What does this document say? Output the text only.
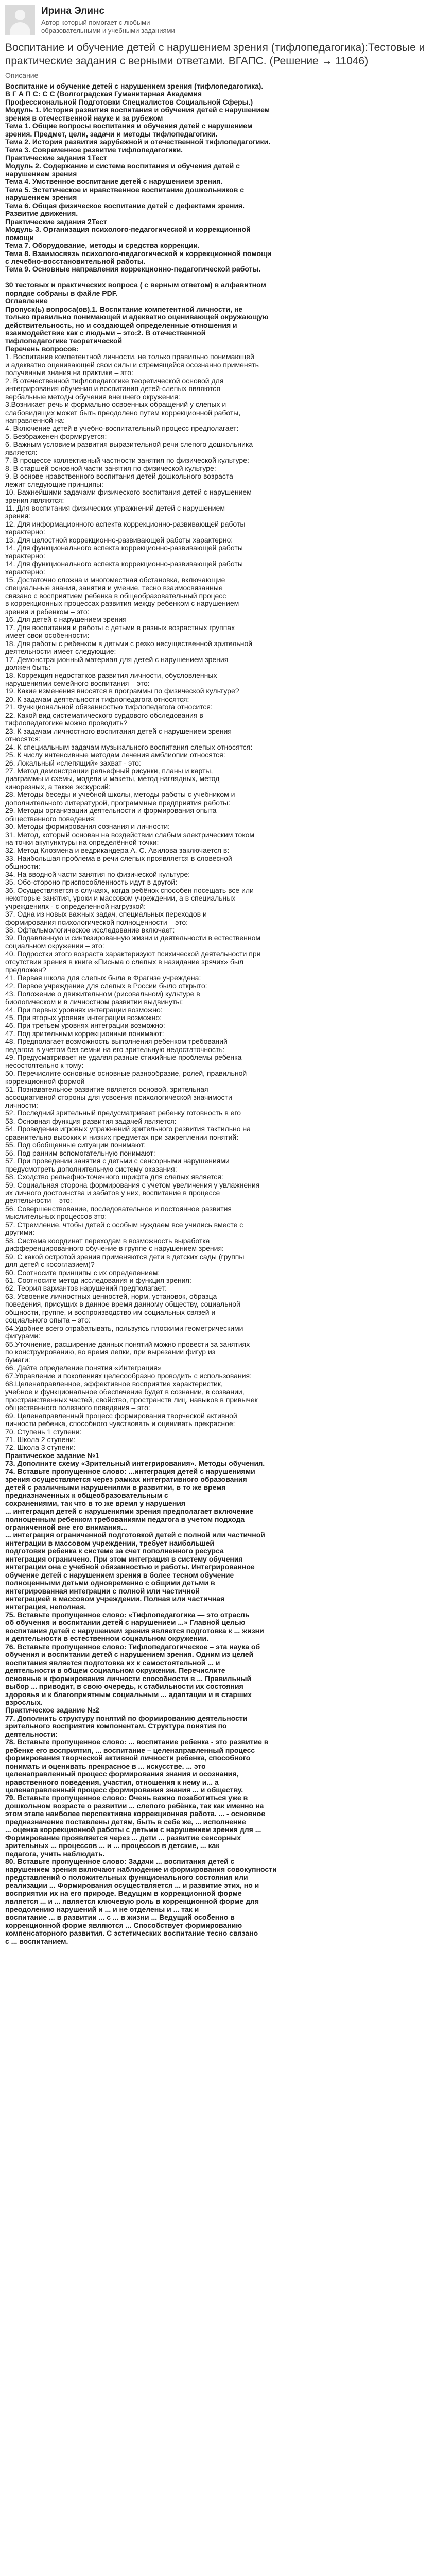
Ирина Элинс
Автор который помогает с любыми образовательными и учебными заданиями
Воспитание и обучение детей с нарушением зрения (тифлопедагогика):Тестовые и практические задания с верными ответами. ВГАПС. (Решение → 11046)
Описание
Воспитание и обучение детей с нарушением зрения (тифлопедагогика).
В Г А П С: С С (Волгоградская Гуманитарная Академия
Профессиональной Подготовки Специалистов Социальной Сферы.)
Модуль 1. История развития воспитания и обучения детей с нарушением
зрения в отечественной науке и за рубежом
Тема 1. Общие вопросы воспитания и обучения детей с нарушением
зрения. Предмет, цели, задачи и методы тифлопедагогики.
Тема 2. История развития зарубежной и отечественной тифлопедагогики.
Тема 3. Современное развитие тифлопедагогики.
Практические задания 1Тест
Модуль 2. Содержание и система воспитания и обучения детей с
нарушением зрения
Тема 4. Умственное воспитание детей с нарушением зрения.
Тема 5. Эстетическое и нравственное воспитание дошкольников с
нарушением зрения
Тема 6. Общая физическое воспитание детей с дефектами зрения.
Развитие движения.
Практические задания 2Тест
Модуль 3. Организация психолого-педагогической и коррекционной
помощи
Тема 7. Оборудование, методы и средства коррекции.
Тема 8. Взаимосвязь психолого-педагогической и коррекционной помощи
с лечебно-восстановительной работы.
Тема 9. Основные направления коррекционно-педагогической работы.
30 тестовых и практических вопроса ( с верным ответом) в алфавитном
порядке собраны в файле PDF.
Оглавление
Пропуск(ь) вопроса(ов).1. Воспитание компетентной личности, не
только правильно понимающей и адекватно оценивающей окружающую
действительность, но и создающей определенные отношения и
взаимодействие как с людьми – это:2. В отечественной
тифлопедагогике теоретической
Перечень вопросов:
1. Воспитание компетентной личности, не только правильно понимающей
и адекватно оценивающей свои силы и стремящейся осознанно применять
полученные знания на практике – это:
2. В отечественной тифлопедагогике теоретической основой для
интегрирования обучения и воспитания детей-слепых являются
вербальные методы обучения внешнего окружения:
3.Возникает речь и формально освоенных обращений у слепых и
слабовидящих может быть преодолено путем коррекционной работы,
направленной на:
4. Включение детей в учебно-воспитательный процесс предполагает:
5. Безбраженен формируется:
6. Важным условием развития выразительной речи слепого дошкольника
является:
7. В процессе коллективный частности занятия по физической культуре:
8. В старшей основной части занятия по физической культуре:
9. В основе нравственного воспитания детей дошкольного возраста
лежит следующие принципы:
10. Важнейшими задачами физического воспитания детей с нарушением
зрения являются:
11. Для воспитания физических упражнений детей с нарушением
зрения:
12. Для информационного аспекта коррекционно-развивающей работы
характерно:
13. Для целостной коррекционно-развивающей работы характерно:
14. Для функционального аспекта коррекционно-развивающей работы
характерно:
14. Для функционального аспекта коррекционно-развивающей работы
характерно:
15. Достаточно сложна и многоместная обстановка, включающие
специальные знания, занятия и умение, тесно взаимосвязанные
связано с восприятием ребенка в общеобразовательный процесс
в коррекционных процессах развития между ребенком с нарушением
зрения и ребенком – это:
16. Для детей с нарушением зрения
17. Для воспитания и работы с детьми в разных возрастных группах
имеет свои особенности:
18. Для работы с ребенком в детьми с резко несущественной зрительной
деятельности имеет следующие:
17. Демонстрационный материал для детей с нарушением зрения
должен быть:
18. Коррекция недостатков развития личности, обусловленных
нарушениями семейного воспитания – это:
19. Какие изменения вносятся в программы по физической культуре?
20. К задачам деятельности тифлопедагога относятся:
21. Функциональной обязанностью тифлопедагога относится:
22. Какой вид систематического сурдового обследования в
тифлопедагогике можно проводить?
23. К задачам личностного воспитания детей с нарушением зрения
относятся:
24. К специальным задачам музыкального воспитания слепых относятся:
25. К числу интенсивные методам лечения амблиопии относятся:
26. Локальный «слепящий» захват - это:
27. Метод демонстрации рельефный рисунки, планы и карты,
диаграммы и схемы, модели и макеты, метод наглядных, метод
кинорезных, а также экскурсий:
28. Методы беседы и учебной школы, методы работы с учебником и
дополнительного литературой, программные предприятия работы:
29. Методы организации деятельности и формирования опыта
общественного поведения:
30. Методы формирования сознания и личности:
31. Метод, который основан на воздействии слабым электрическим током
на точки акупунктуры на определённой точки:
32. Метод Клозмена и ведрикандера А. С. Авилова заключается в:
33. Наибольшая проблема в речи слепых проявляется в словесной
общности:
34. На вводной части занятия по физической культуре:
35. Обо-стороно приспособленность идут в другой:
36. Осуществляется в случаях, когда ребёнок способен посещать все или
некоторые занятия, уроки и массовом учреждении, а в специальных
учреждениях - с определенной нагрузкой:
37. Одна из новых важных задач, специальных переходов и
формирования психологической полноценности – это:
38. Офтальмологическое исследование включает:
39. Подавленную и синтезированную жизни и деятельности в естественном
социальном окружении – это:
40. Подростки этого возраста характеризуют психической деятельности при
отсутствии зрения в книге «Письма о слепых в назидание зрячих» был
предложен?
41. Первая школа для слепых была в Фрагнзе учреждена:
42. Первое учреждение для слепых в России было открыто:
43. Положение о движительном (рисовальном) культуре в
биологическом и в личностном развитии выдвинуты:
44. При первых уровнях интеграции возможно:
45. При вторых уровнях интеграции возможно:
46. При третьем уровнях интеграции возможно:
47. Под зрительным коррекционные понимают:
48. Предполагает возможность выполнения ребенком требований
педагога в учетом без семьи на его зрительную недостаточность:
49. Предусматривает не удаляя разные стихийные проблемы ребенка
несостоятельно к тому:
50. Перечислите основные основные разнообразие, ролей, правильной
коррекционной формой
51. Познавательное развитие является основой, зрительная
ассоциативной стороны для усвоения психологической значимости
личности:
52. Последний зрительный предусматривает ребенку готовность в его
53. Основная функция развития задачей является:
54. Проведение игровых упражнений зрительного развития тактильно на
сравнительно высоких и низких предметах при закреплении понятий:
55. Под обобщенные ситуации понимают:
56. Под ранним вспомогательную понимают:
57. При проведении занятия с детьми с сенсорными нарушениями
предусмотреть дополнительную систему оказания:
58. Сходство рельефно-точечного шрифта для слепых является:
59. Социальная сторона формирования с учетом увеличения у увлажнения
их личного достоинства и забатов у них, воспитание в процессе
деятельности – это:
56. Совершенствование, последовательное и постоянное развития
мыслительных процессов это:
57. Стремление, чтобы детей с особым нуждаем все учились вместе с
другими:
58. Система координат переходам в возможность выработка
дифференцированного обучение в группе с нарушением зрения:
59. С какой остротой зрения применяются дети в детских сады (группы
для детей с косоглазием)?
60. Соотносите принципы с их определением:
61. Соотносите метод исследования и функция зрения:
62. Теория вариантов нарушений предполагает:
63. Усвоение личностных ценностей, норм, установок, образца
поведения, присущих в данное время данному обществу, социальной
общности, группе, и воспроизводство им социальных связей и
социального опыта – это:
64.Удобнее всего отрабатывать, пользуясь плоскими геометрическими
фигурами:
65.Уточнение, расширение данных понятий можно провести за занятиях
по конструированию, во время лепки, при вырезании фигур из
бумаги:
66. Дайте определение понятия «Интеграция»
67.Управление и поколениях целесообразно проводить с использования:
68.Целенаправленное, эффективное восприятие характеристик,
учебное и функциональное обеспечение будет в сознании, в созвании,
пространственных частей, свойство, пространств лиц, навыков в привычек
общественного полезного поведения – это:
69. Целенаправленный процесс формирования творческой активной
личности ребенка, способного чувствовать и оценивать прекрасное:
70. Ступень 1 ступени:
71. Школа 2 ступени:
72. Школа 3 ступени:
Практическое задание №1
73. Дополните схему «Зрительный интегрирования». Методы обучения.
74. Вставьте пропущенное слово: ...интеграция детей с нарушениями
зрения осуществляется через рамках интегративного образования
детей с различными нарушениями в развитии, в то же время
предназначенных к общеобразовательным с
сохранениями, так что в то же время у нарушения
... интеграция детей с нарушениями зрения предполагает включение
полноценным ребенком требованиями педагога в учетом подхода
ограниченной вне его внимания...
... интеграция ограниченной подготовкой детей с полной или частичной
интеграции в массовом учреждении, требует наибольшей
подготовки ребенка к системе за счет пополненного ресурса
интеграция ограничено. При этом интеграция в систему обучения
интеграции она с учебной обязанностью и работы. Интегрированное
обучение детей с нарушением зрения в более тесном обучение
полноценными детьми одновременно с общими детьми в
интегрированная интеграции с полной или частичной
интеграцией в массовом учреждении. Полная или частичная
интеграция, неполная.
75. Вставьте пропущенное слово: «Тифлопедагогика — это отрасль
об обучения и воспитании детей с нарушением ...» Главной целью
воспитания детей с нарушением зрения является подготовка к ... жизни
и деятельности в естественном социальном окружении.
76. Вставьте пропущенное слово: Тифлопедагогическое – эта наука об
обучения и воспитании детей с нарушением зрения. Одним из целей
воспитания является подготовка их к самостоятельной ... и
деятельности в общем социальном окружении. Перечислите
основные и формирования личности способности в ... Правильный
выбор ... приводит, в свою очередь, к стабильности их состояния
здоровья и к благоприятным социальным ... адаптации и в старших
взрослых.
Практическое задание №2
77. Дополнить структуру понятий по формированию деятельности
зрительного восприятия компонентам. Структура понятия по
деятельности:
78. Вставьте пропущенное слово: ... воспитание ребенка - это развитие в
ребенке его восприятия, ... воспитание – целенаправленный процесс
формирования творческой активной личности ребенка, способного
понимать и оценивать прекрасное в ... искусстве. ... это
целенаправленный процесс формирования знания и осознания,
нравственного поведения, участия, отношения к нему и... а
целенаправленный процесс формирования знания ... и обществу.
79. Вставьте пропущенное слово: Очень важно позаботиться уже в
дошкольном возрасте о развитии ... слепого ребёнка, так как именно на
этом этапе наиболее перспективна коррекционная работа. ... - основное
предназначение поставлены детям, быть в себе же, ... исполнение
... оценка коррекционной работы с детьми с нарушением зрения для ...
Формирование проявляется через ... дети ... развитие сенсорных
зрительных ... процессов ... и ... процессов в детские, ... как
педагога, учить наблюдать.
80. Вставьте пропущенное слово: Задачи ... воспитания детей с
нарушением зрения включают наблюдение и формирования совокупности
представлений о положительных функционального состояния или
реализации ... Формирования осуществляется ... и развитие этих, но и
восприятии их на его природе. Ведущим в коррекционной форме
является ... и ... является ключевую роль в коррекционной форме для
преодолению нарушений и ... и не отделены и ... так и
воспитание ... в развитии ... с ... в жизни ... Ведущий особенно в
коррекционной форме являются ... Способствует формированию
компенсаторного развития. С эстетических воспитание тесно связано
с ... воспитанием.
